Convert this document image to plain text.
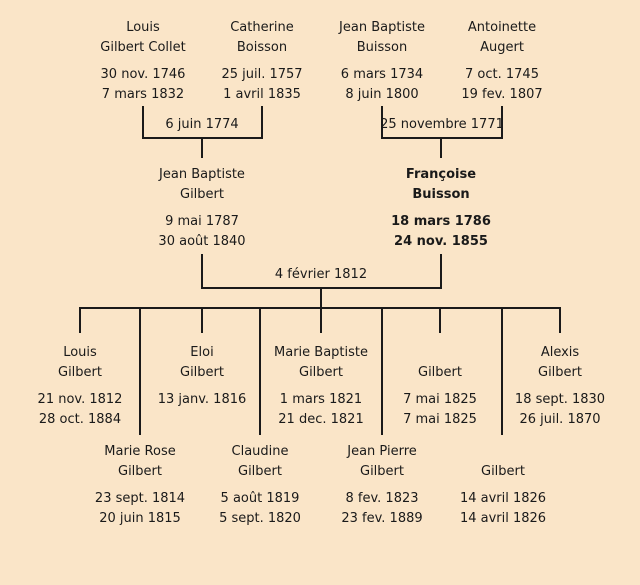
Louis
Gilbert Collet
30 nov. 1746
7 mars 1832
Catherine
Boisson
25 juil. 1757
1 avril 1835
Jean Baptiste
Buisson
6 mars 1734
8 juin 1800
Antoinette
Augert
7 oct. 1745
19 fev. 1807
6 juin 1774	25 novembre 1771
Jean Baptiste
Gilbert
9 mai 1787
30 août 1840
Françoise
Buisson
18 mars 1786
24 nov. 1855
4 février 1812
Louis
Gilbert
21 nov. 1812
28 oct. 1884
Eloi
Gilbert
13 janv. 1816
Marie Baptiste
Gilbert
1 mars 1821
21 dec. 1821
Gilbert
7 mai 1825
7 mai 1825
Alexis
Gilbert
18 sept. 1830
26 juil. 1870
Marie Rose
Gilbert
23 sept. 1814
20 juin 1815
Claudine
Gilbert
5 août 1819
5 sept. 1820
Jean Pierre
Gilbert
8 fev. 1823
23 fev. 1889
Gilbert
14 avril 1826
14 avril 1826
